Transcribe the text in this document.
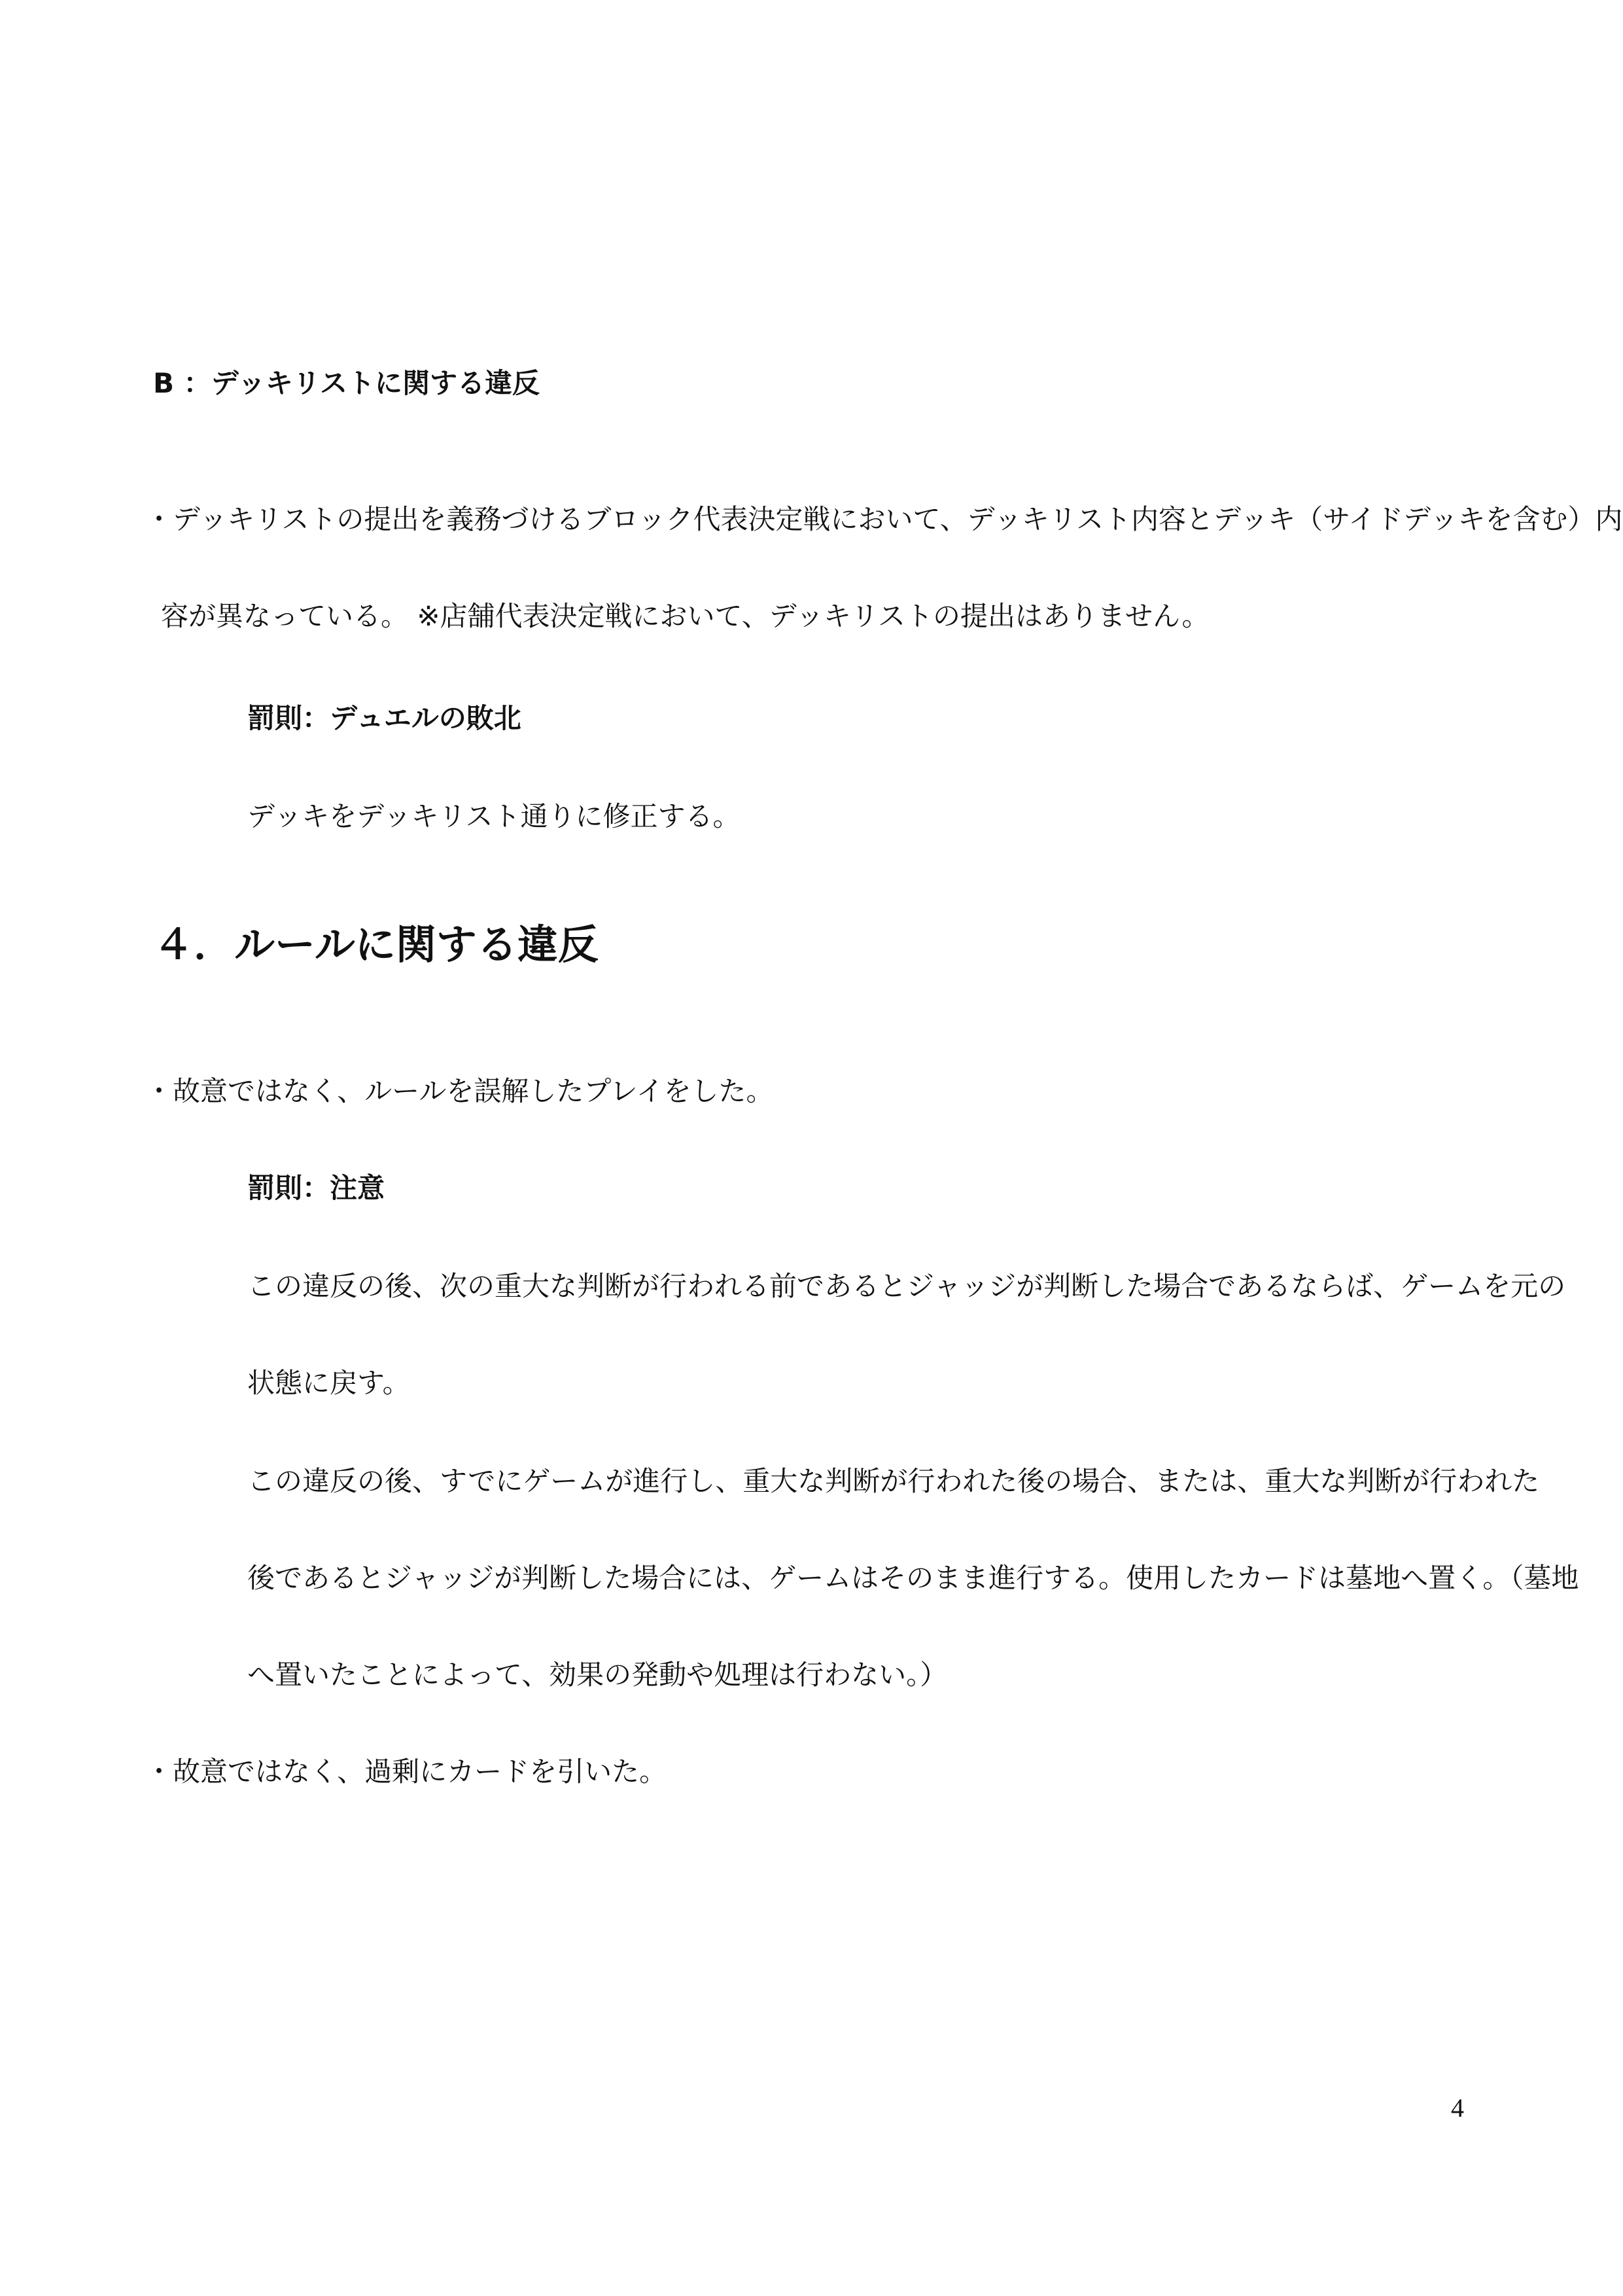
B ：デッキリストに関する違反
・デッキリストの提出を義務づけるブロック代表決定戦において、デッキリスト内容とデッキ（サイドデッキを含む）内
容が異なっている。 ※店舗代表決定戦において、デッキリストの提出はありません。
罰則：デュエルの敗北
デッキをデッキリスト通りに修正する。
４．ルールに関する違反
・故意ではなく、ルールを誤解したプレイをした。
罰則：注意
この違反の後、次の重大な判断が行われる前であるとジャッジが判断した場合であるならば、ゲームを元の
状態に戻す。
この違反の後、すでにゲームが進行し、重大な判断が行われた後の場合、または、重大な判断が行われた
後であるとジャッジが判断した場合には、ゲームはそのまま進行する。使用したカードは墓地へ置く。（墓地
へ置いたことによって、効果の発動や処理は行わない。）
・故意ではなく、過剰にカードを引いた。
4
